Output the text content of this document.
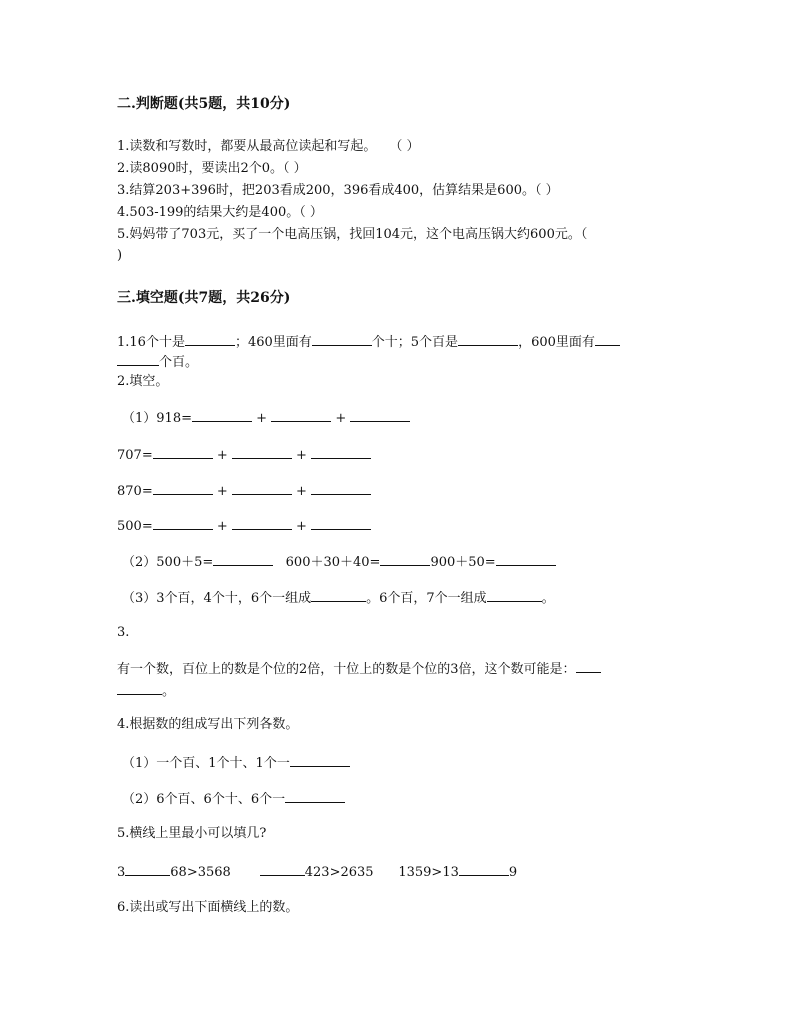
二.判断题(共5题，共10分)
1.读数和写数时，都要从最高位读起和写起。　　（ ）
2.读8090时，要读出2个0。（ ）
3.结算203+396时，把203看成200，396看成400，估算结果是600。（ ）
4.503-199的结果大约是400。（ ）
5.妈妈带了703元，买了一个电高压锅，找回104元，这个电高压锅大约600元。（
)
三.填空题(共7题，共26分)
1.16个十是	；460里面有	个十；5个百是	，600里面有
个百。
2.填空。
（1）918=	+	+
707=	+	+
870=	+	+
500=	+	+
（2）500＋5=	600＋30＋40=	900＋50=
（3）3个百，4个十，6个一组成	。6个百，7个一组成	。
3.
有一个数，百位上的数是个位的2倍，十位上的数是个位的3倍，这个数可能是：
。
4.根据数的组成写出下列各数。
（1）一个百、1个十、1个一
（2）6个百、6个十、6个一
5.横线上里最小可以填几?
3	68>3568	423>2635 1359>13	9
6.读出或写出下面横线上的数。
